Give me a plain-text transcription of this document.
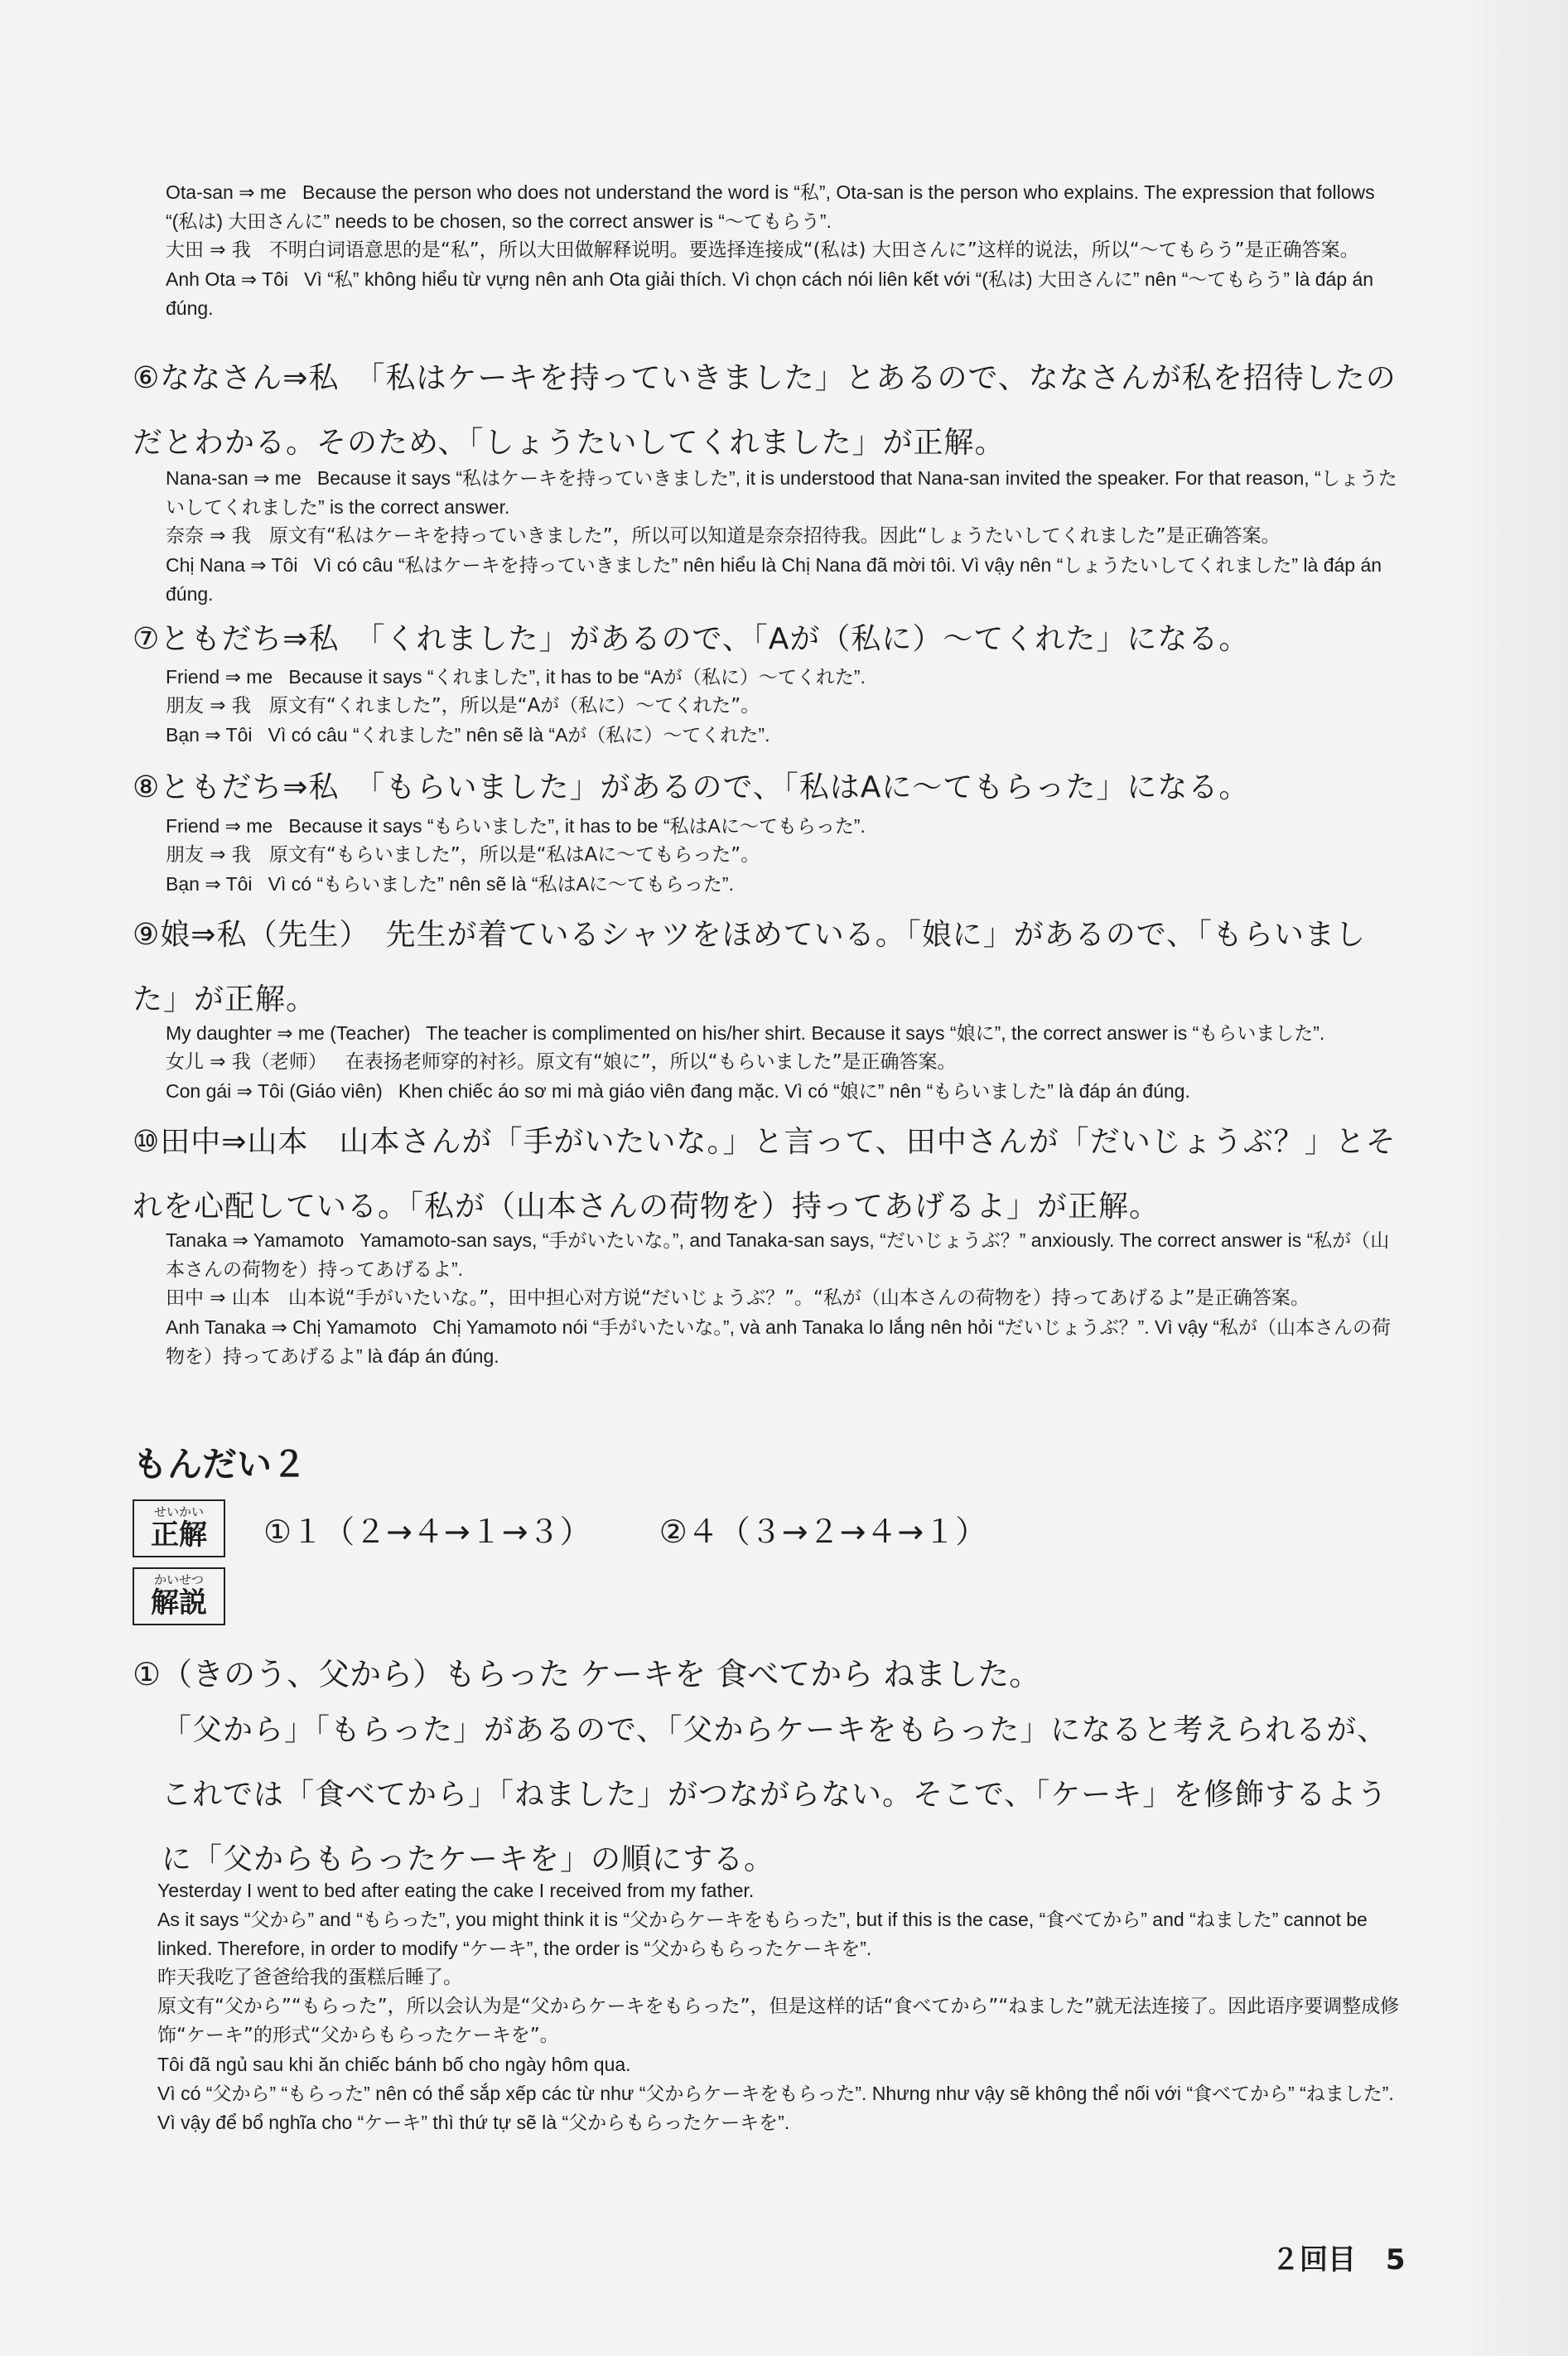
Ota-san ⇒ me   Because the person who does not understand the word is “私”, Ota-san is the person who explains. The expression that follows “(私は) 大田さんに” needs to be chosen, so the correct answer is “〜てもらう”.

大田 ⇒ 我   不明白词语意思的是“私”，所以大田做解释说明。要选择连接成“(私は) 大田さんに”这样的说法，所以“〜てもらう”是正确答案。

Anh Ota ⇒ Tôi   Vì “私” không hiểu từ vựng nên anh Ota giải thích. Vì chọn cách nói liên kết với “(私は) 大田さんに” nên “〜てもらう” là đáp án đúng.

⑥ななさん⇒私　「私はケーキを持っていきました」とあるので、ななさんが私を招待したのだとわかる。そのため、「しょうたいしてくれました」が正解。

Nana-san ⇒ me   Because it says “私はケーキを持っていきました”, it is understood that Nana-san invited the speaker. For that reason, “しょうたいしてくれました” is the correct answer.

奈奈 ⇒ 我   原文有“私はケーキを持っていきました”，所以可以知道是奈奈招待我。因此“しょうたいしてくれました”是正确答案。

Chị Nana ⇒ Tôi   Vì có câu “私はケーキを持っていきました” nên hiểu là Chị Nana đã mời tôi. Vì vậy nên “しょうたいしてくれました” là đáp án đúng.

⑦ともだち⇒私　「くれました」があるので、「Aが（私に）〜てくれた」になる。

Friend ⇒ me   Because it says “くれました”, it has to be “Aが（私に）〜てくれた”.

朋友 ⇒ 我   原文有“くれました”，所以是“Aが（私に）〜てくれた”。

Bạn ⇒ Tôi   Vì có câu “くれました” nên sẽ là “Aが（私に）〜てくれた”.

⑧ともだち⇒私　「もらいました」があるので、「私はAに〜てもらった」になる。

Friend ⇒ me   Because it says “もらいました”, it has to be “私はAに〜てもらった”.

朋友 ⇒ 我   原文有“もらいました”，所以是“私はAに〜てもらった”。

Bạn ⇒ Tôi   Vì có “もらいました” nên sẽ là “私はAに〜てもらった”.

⑨娘⇒私（先生）　先生が着ているシャツをほめている。「娘に」があるので、「もらいました」が正解。

My daughter ⇒ me (Teacher)   The teacher is complimented on his/her shirt. Because it says “娘に”, the correct answer is “もらいました”.

女儿 ⇒ 我（老师）   在表扬老师穿的衬衫。原文有“娘に”，所以“もらいました”是正确答案。

Con gái ⇒ Tôi (Giáo viên)   Khen chiếc áo sơ mi mà giáo viên đang mặc. Vì có “娘に” nên “もらいました” là đáp án đúng.

⑩田中⇒山本　山本さんが「手がいたいな。」と言って、田中さんが「だいじょうぶ？」とそれを心配している。「私が（山本さんの荷物を）持ってあげるよ」が正解。

Tanaka ⇒ Yamamoto   Yamamoto-san says, “手がいたいな。”, and Tanaka-san says, “だいじょうぶ？” anxiously. The correct answer is “私が（山本さんの荷物を）持ってあげるよ”.

田中 ⇒ 山本   山本说“手がいたいな。”，田中担心对方说“だいじょうぶ？”。“私が（山本さんの荷物を）持ってあげるよ”是正确答案。

Anh Tanaka ⇒ Chị Yamamoto   Chị Yamamoto nói “手がいたいな。”, và anh Tanaka lo lắng nên hỏi “だいじょうぶ？”. Vì vậy “私が（山本さんの荷物を）持ってあげるよ” là đáp án đúng.

もんだい２
せいかい
正解 ①１（２→４→１→３） ②４（３→２→４→１）
かいせつ
解説
①（きのう、父から）もらった ケーキを 食べてから ねました。

「父から」「もらった」があるので、「父からケーキをもらった」になると考えられるが、これでは「食べてから」「ねました」がつながらない。そこで、「ケーキ」を修飾するように「父からもらったケーキを」の順にする。

Yesterday I went to bed after eating the cake I received from my father.

As it says “父から” and “もらった”, you might think it is “父からケーキをもらった”, but if this is the case, “食べてから” and “ねました” cannot be linked. Therefore, in order to modify “ケーキ”, the order is “父からもらったケーキを”.

昨天我吃了爸爸给我的蛋糕后睡了。

原文有“父から”“もらった”，所以会认为是“父からケーキをもらった”，但是这样的话“食べてから”“ねました”就无法连接了。因此语序要调整成修饰“ケーキ”的形式“父からもらったケーキを”。

Tôi đã ngủ sau khi ăn chiếc bánh bố cho ngày hôm qua.

Vì có “父から” “もらった” nên có thể sắp xếp các từ như “父からケーキをもらった”. Nhưng như vậy sẽ không thể nối với “食べてから” “ねました”. Vì vậy để bổ nghĩa cho “ケーキ” thì thứ tự sẽ là “父からもらったケーキを”.

２回目 5
